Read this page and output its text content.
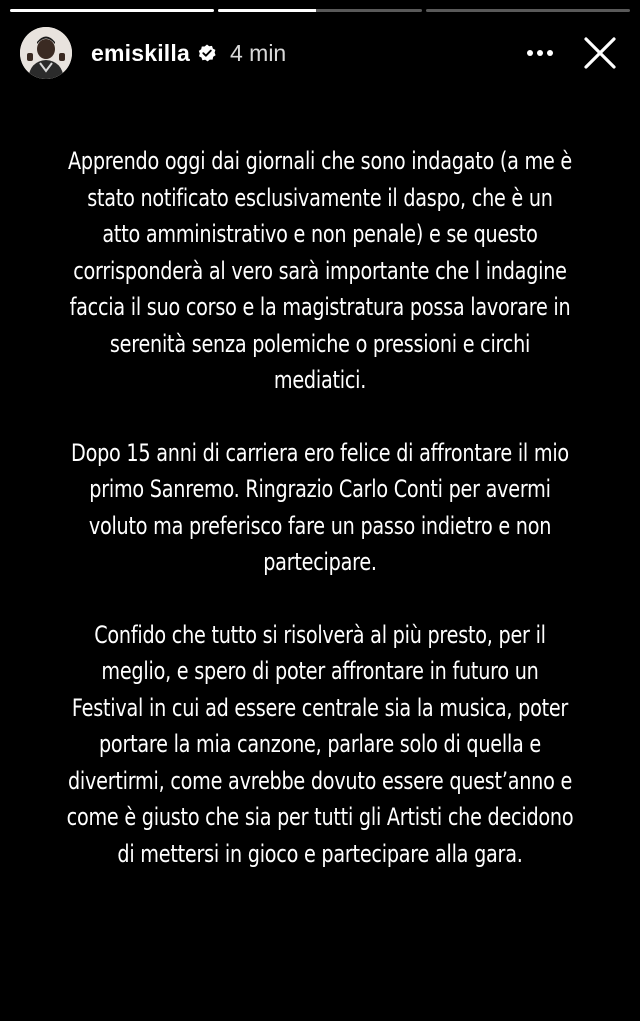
emiskilla 4 min

Apprendo oggi dai giornali che sono indagato (a me è
stato notificato esclusivamente il daspo, che è un
atto amministrativo e non penale) e se questo
corrisponderà al vero sarà importante che l indagine
faccia il suo corso e la magistratura possa lavorare in
serenità senza polemiche o pressioni e circhi
mediatici.

Dopo 15 anni di carriera ero felice di affrontare il mio
primo Sanremo. Ringrazio Carlo Conti per avermi
voluto ma preferisco fare un passo indietro e non
partecipare.

Confido che tutto si risolverà al più presto, per il
meglio, e spero di poter affrontare in futuro un
Festival in cui ad essere centrale sia la musica, poter
portare la mia canzone, parlare solo di quella e
divertirmi, come avrebbe dovuto essere quest’anno e
come è giusto che sia per tutti gli Artisti che decidono
di mettersi in gioco e partecipare alla gara.
